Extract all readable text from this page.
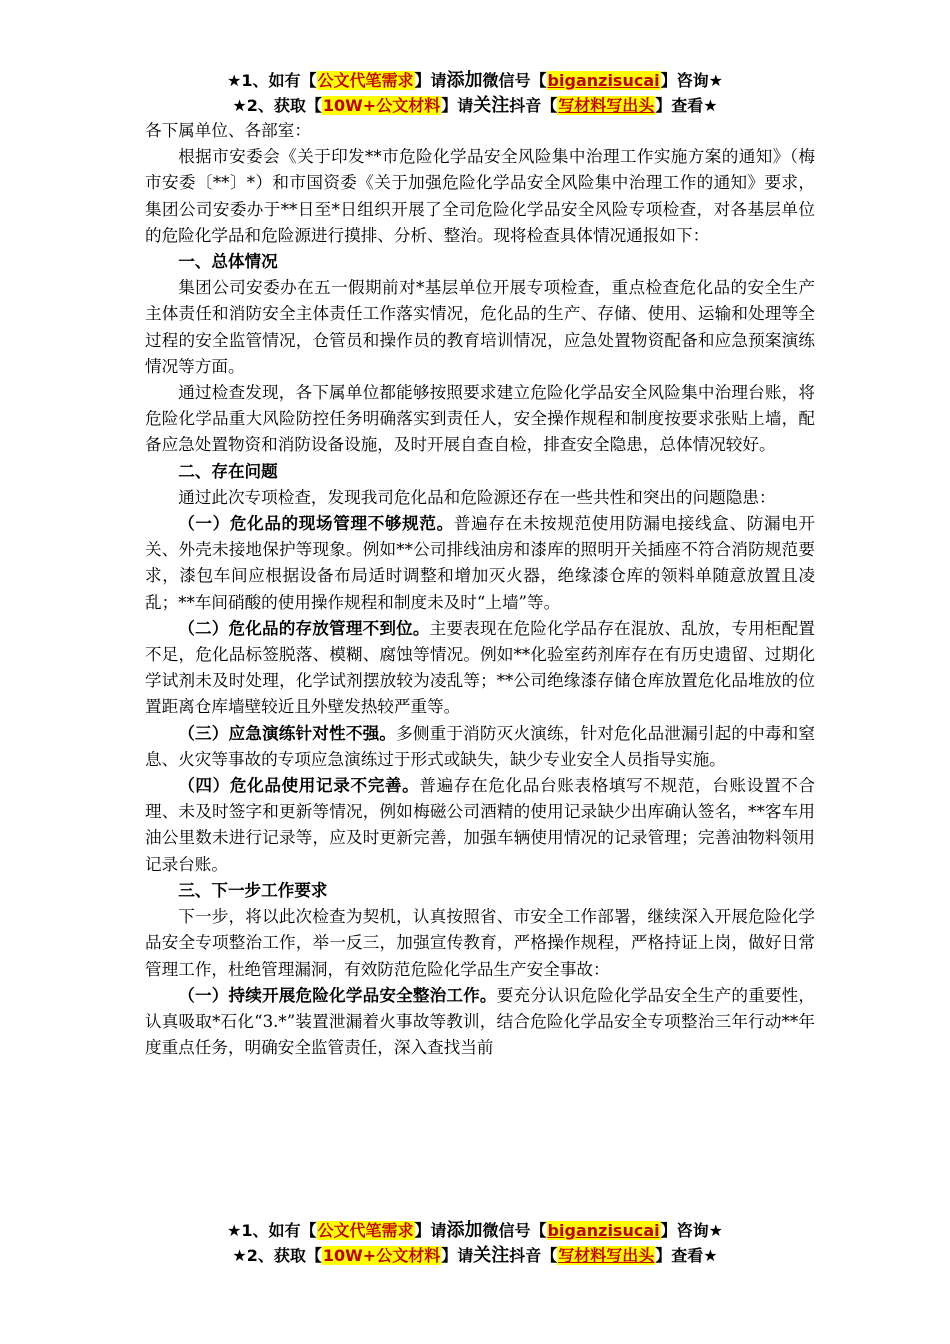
★1、如有【公文代笔需求】请添加微信号【biganzisucai】咨询★
★2、获取【10W+公文材料】请关注抖音【写材料写出头】查看★

各下属单位、各部室：

根据市安委会《关于印发**市危险化学品安全风险集中治理工作实施方案的通知》（梅市安委〔**〕*）和市国资委《关于加强危险化学品安全风险集中治理工作的通知》要求，集团公司安委办于**日至*日组织开展了全司危险化学品安全风险专项检查，对各基层单位的危险化学品和危险源进行摸排、分析、整治。现将检查具体情况通报如下：

一、总体情况

集团公司安委办在五一假期前对*基层单位开展专项检查，重点检查危化品的安全生产主体责任和消防安全主体责任工作落实情况，危化品的生产、存储、使用、运输和处理等全过程的安全监管情况，仓管员和操作员的教育培训情况，应急处置物资配备和应急预案演练情况等方面。

通过检查发现，各下属单位都能够按照要求建立危险化学品安全风险集中治理台账，将危险化学品重大风险防控任务明确落实到责任人，安全操作规程和制度按要求张贴上墙，配备应急处置物资和消防设备设施，及时开展自查自检，排查安全隐患，总体情况较好。

二、存在问题

通过此次专项检查，发现我司危化品和危险源还存在一些共性和突出的问题隐患：

（一）危化品的现场管理不够规范。普遍存在未按规范使用防漏电接线盒、防漏电开关、外壳未接地保护等现象。例如**公司排线油房和漆库的照明开关插座不符合消防规范要求，漆包车间应根据设备布局适时调整和增加灭火器，绝缘漆仓库的领料单随意放置且凌乱；**车间硝酸的使用操作规程和制度未及时“上墙”等。

（二）危化品的存放管理不到位。主要表现在危险化学品存在混放、乱放，专用柜配置不足，危化品标签脱落、模糊、腐蚀等情况。例如**化验室药剂库存在有历史遗留、过期化学试剂未及时处理，化学试剂摆放较为凌乱等；**公司绝缘漆存储仓库放置危化品堆放的位置距离仓库墙壁较近且外壁发热较严重等。

（三）应急演练针对性不强。多侧重于消防灭火演练，针对危化品泄漏引起的中毒和窒息、火灾等事故的专项应急演练过于形式或缺失，缺少专业安全人员指导实施。

（四）危化品使用记录不完善。普遍存在危化品台账表格填写不规范，台账设置不合理、未及时签字和更新等情况，例如梅磁公司酒精的使用记录缺少出库确认签名，**客车用油公里数未进行记录等，应及时更新完善，加强车辆使用情况的记录管理；完善油物料领用记录台账。

三、下一步工作要求

下一步，将以此次检查为契机，认真按照省、市安全工作部署，继续深入开展危险化学品安全专项整治工作，举一反三，加强宣传教育，严格操作规程，严格持证上岗，做好日常管理工作，杜绝管理漏洞，有效防范危险化学品生产安全事故：

（一）持续开展危险化学品安全整治工作。要充分认识危险化学品安全生产的重要性，认真吸取*石化“3.*”装置泄漏着火事故等教训，结合危险化学品安全专项整治三年行动**年度重点任务，明确安全监管责任，深入查找当前

★1、如有【公文代笔需求】请添加微信号【biganzisucai】咨询★
★2、获取【10W+公文材料】请关注抖音【写材料写出头】查看★
